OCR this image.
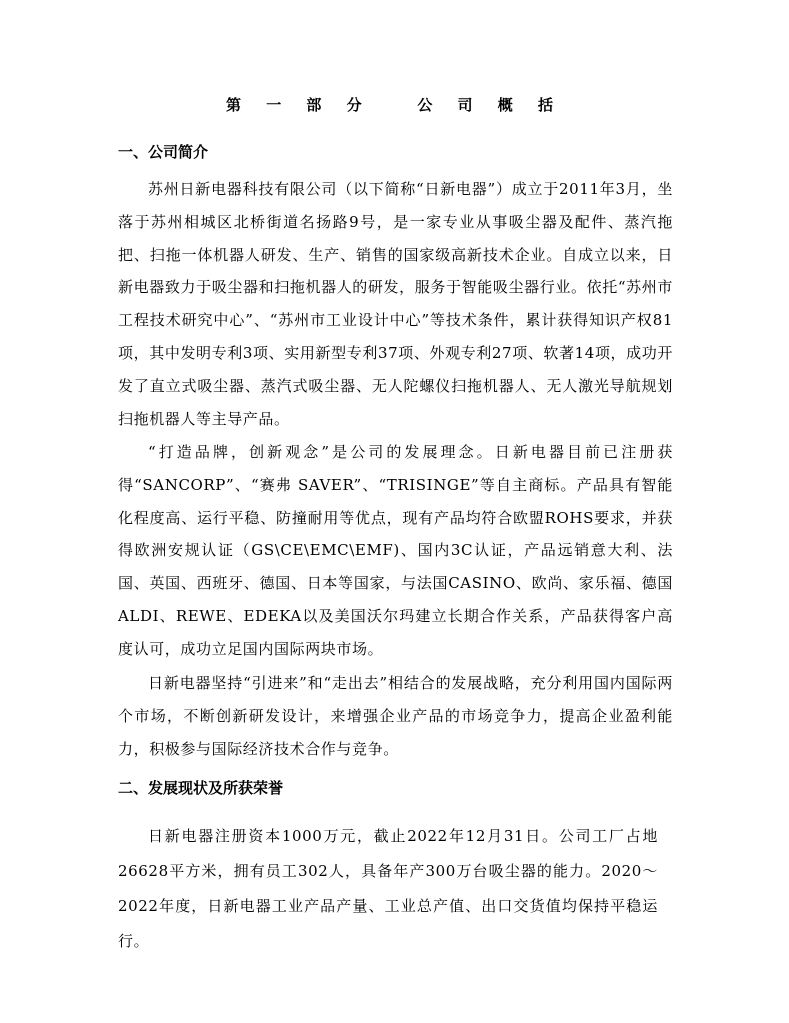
第 一 部 分   公 司 概 括
一、公司简介

苏州日新电器科技有限公司（以下简称“日新电器”）成立于2011年3月，坐落于苏州相城区北桥街道名扬路9号，是一家专业从事吸尘器及配件、蒸汽拖把、扫拖一体机器人研发、生产、销售的国家级高新技术企业。自成立以来，日新电器致力于吸尘器和扫拖机器人的研发，服务于智能吸尘器行业。依托“苏州市工程技术研究中心”、“苏州市工业设计中心”等技术条件，累计获得知识产权81项，其中发明专利3项、实用新型专利37项、外观专利27项、软著14项，成功开发了直立式吸尘器、蒸汽式吸尘器、无人陀螺仪扫拖机器人、无人激光导航规划扫拖机器人等主导产品。

“打造品牌，创新观念”是公司的发展理念。日新电器目前已注册获得“SANCORP”、“赛弗 SAVER”、“TRISINGE”等自主商标。产品具有智能化程度高、运行平稳、防撞耐用等优点，现有产品均符合欧盟ROHS要求，并获得欧洲安规认证（GS\CE\EMC\EMF)、国内3C认证，产品远销意大利、法国、英国、西班牙、德国、日本等国家，与法国CASINO、欧尚、家乐福、德国ALDI、REWE、EDEKA以及美国沃尔玛建立长期合作关系，产品获得客户高度认可，成功立足国内国际两块市场。

日新电器坚持“引进来”和“走出去”相结合的发展战略，充分利用国内国际两个市场，不断创新研发设计，来增强企业产品的市场竞争力，提高企业盈利能力，积极参与国际经济技术合作与竞争。

二、发展现状及所获荣誉

日新电器注册资本1000万元，截止2022年12月31日。公司工厂占地26628平方米，拥有员工302人，具备年产300万台吸尘器的能力。2020～2022年度，日新电器工业产品产量、工业总产值、出口交货值均保持平稳运行。
